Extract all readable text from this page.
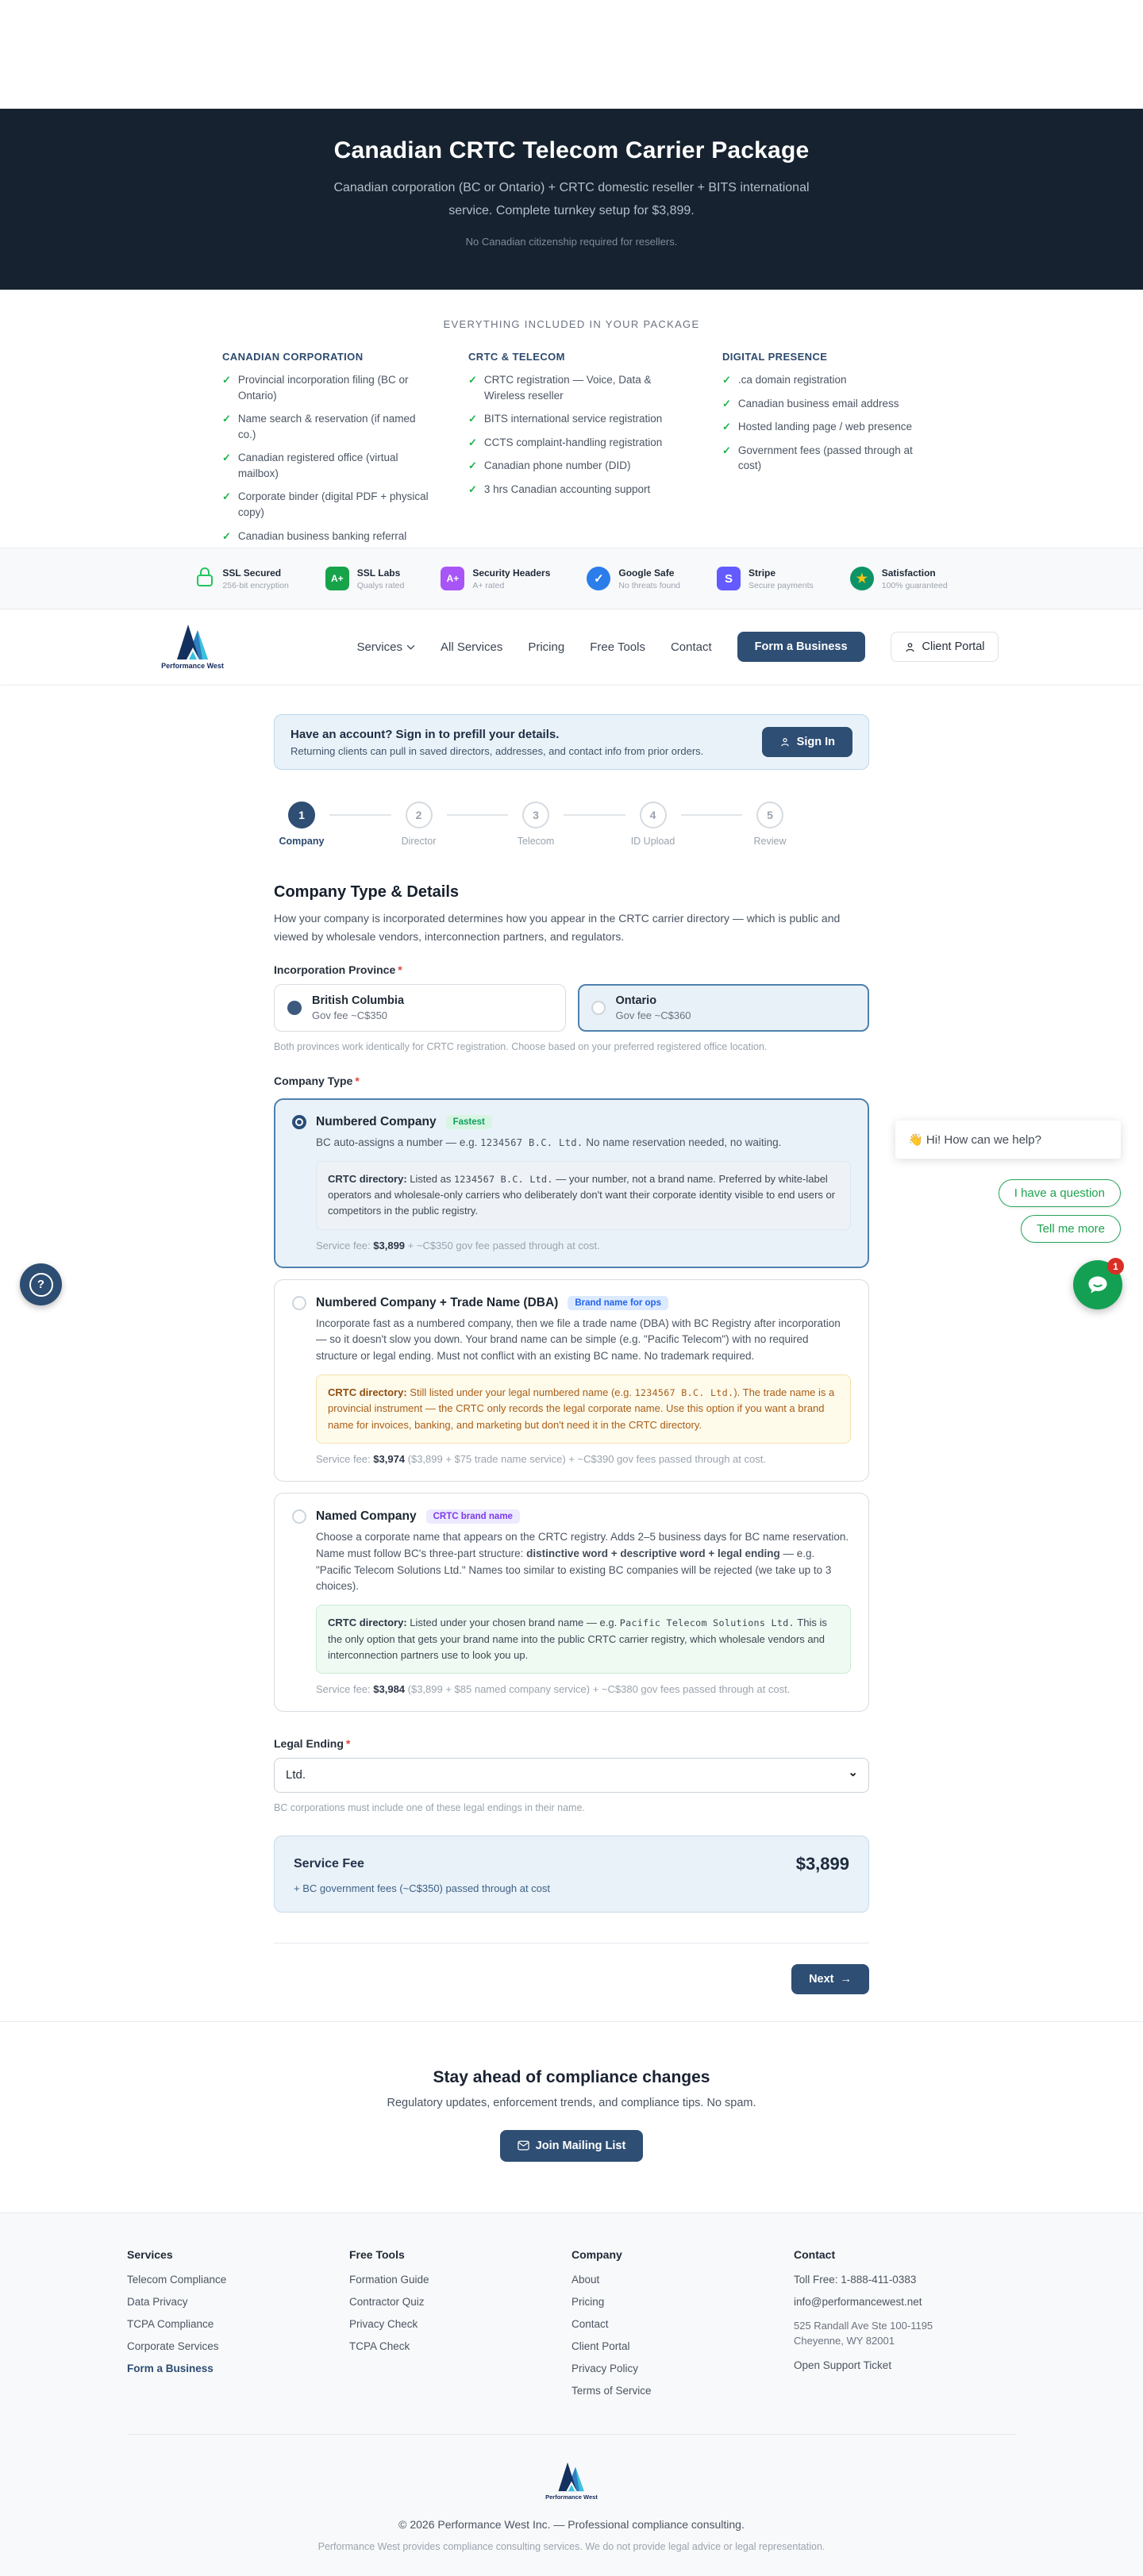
Canadian CRTC Telecom Carrier Package

Canadian corporation (BC or Ontario) + CRTC domestic reseller + BITS international service. Complete turnkey setup for $3,899.

No Canadian citizenship required for resellers.

EVERYTHING INCLUDED IN YOUR PACKAGE

CANADIAN CORPORATION
✓ Provincial incorporation filing (BC or Ontario)
✓ Name search & reservation (if named co.)
✓ Canadian registered office (virtual mailbox)
✓ Corporate binder (digital PDF + physical copy)
✓ Canadian business banking referral
CRTC & TELECOM
✓ CRTC registration — Voice, Data & Wireless reseller
✓ BITS international service registration
✓ CCTS complaint-handling registration
✓ Canadian phone number (DID)
✓ 3 hrs Canadian accounting support
DIGITAL PRESENCE
✓ .ca domain registration
✓ Canadian business email address
✓ Hosted landing page / web presence
✓ Government fees (passed through at cost)
SSL Secured
256-bit encryption
A+
SSL Labs
Qualys rated
A+
Security Headers
A+ rated	✓	Google Safe
No threats found	S	Stripe
Secure payments	★ Satisfaction
100% guaranteed
Performance West
Services	All Services Pricing Free Tools Contact	Form a Business	Client Portal
Have an account? Sign in to prefill your details.
Returning clients can pull in saved directors, addresses, and contact info from prior orders.
Sign In
1
Company
2
Director
3
Telecom
4
ID Upload
5
Review
Company Type & Details

How your company is incorporated determines how you appear in the CRTC carrier directory — which is public and viewed by wholesale vendors, interconnection partners, and regulators.

Incorporation Province *
British Columbia
Gov fee ~C$350
Ontario
Gov fee ~C$360
Both provinces work identically for CRTC registration. Choose based on your preferred registered office location.
Company Type *
Numbered Company	Fastest
BC auto-assigns a number — e.g. 1234567 B.C. Ltd. No name reservation needed, no waiting.
CRTC directory: Listed as 1234567 B.C. Ltd. — your number, not a brand name. Preferred by white-label operators and wholesale-only carriers who deliberately don't want their corporate identity visible to end users or competitors in the public registry.
Service fee: $3,899 + ~C$350 gov fee passed through at cost.
Numbered Company + Trade Name (DBA)	Brand name for ops
Incorporate fast as a numbered company, then we file a trade name (DBA) with BC Registry after incorporation — so it doesn't slow you down. Your brand name can be simple (e.g. "Pacific Telecom") with no required structure or legal ending. Must not conflict with an existing BC name. No trademark required.
CRTC directory: Still listed under your legal numbered name (e.g. 1234567 B.C. Ltd.). The trade name is a provincial instrument — the CRTC only records the legal corporate name. Use this option if you want a brand name for invoices, banking, and marketing but don't need it in the CRTC directory.
Service fee: $3,974 ($3,899 + $75 trade name service) + ~C$390 gov fees passed through at cost.
Named Company	CRTC brand name
Choose a corporate name that appears on the CRTC registry. Adds 2–5 business days for BC name reservation. Name must follow BC's three-part structure: distinctive word + descriptive word + legal ending — e.g. "Pacific Telecom Solutions Ltd." Names too similar to existing BC companies will be rejected (we take up to 3 choices).
CRTC directory: Listed under your chosen brand name — e.g. Pacific Telecom Solutions Ltd. This is the only option that gets your brand name into the public CRTC carrier registry, which wholesale vendors and interconnection partners use to look you up.
Service fee: $3,984 ($3,899 + $85 named company service) + ~C$380 gov fees passed through at cost.
Legal Ending *
Ltd.
⌄
BC corporations must include one of these legal endings in their name.
Service Fee	$3,899
+ BC government fees (~C$350) passed through at cost
Next →
Stay ahead of compliance changes

Regulatory updates, enforcement trends, and compliance tips. No spam.

Join Mailing List
Services
Telecom Compliance
Data Privacy
TCPA Compliance
Corporate Services
Form a Business
Free Tools
Formation Guide
Contractor Quiz
Privacy Check
TCPA Check
Company
About
Pricing
Contact
Client Portal
Privacy Policy
Terms of Service
Contact
Toll Free: 1-888-411-0383
info@performancewest.net
525 Randall Ave Ste 100-1195
Cheyenne, WY 82001
Open Support Ticket
Performance West
© 2026 Performance West Inc. — Professional compliance consulting.
Performance West provides compliance consulting services. We do not provide legal advice or legal representation.
?
👋 Hi! How can we help?
I have a question
Tell me more
1
